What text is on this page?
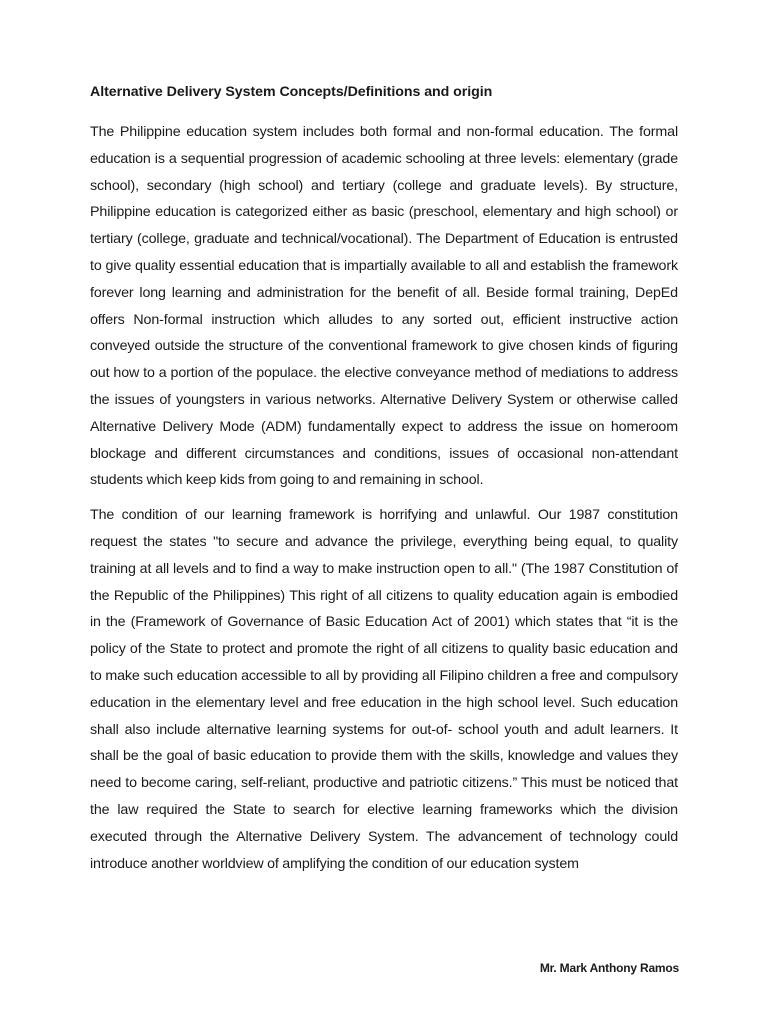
Alternative Delivery System Concepts/Definitions and origin

The Philippine education system includes both formal and non-formal education. The formal education is a sequential progression of academic schooling at three levels: elementary (grade school), secondary (high school) and tertiary (college and graduate levels). By structure, Philippine education is categorized either as basic (preschool, elementary and high school) or tertiary (college, graduate and technical/vocational). The Department of Education is entrusted to give quality essential education that is impartially available to all and establish the framework forever long learning and administration for the benefit of all. Beside formal training, DepEd offers Non-formal instruction which alludes to any sorted out, efficient instructive action conveyed outside the structure of the conventional framework to give chosen kinds of figuring out how to a portion of the populace. the elective conveyance method of mediations to address the issues of youngsters in various networks. Alternative Delivery System or otherwise called Alternative Delivery Mode (ADM) fundamentally expect to address the issue on homeroom blockage and different circumstances and conditions, issues of occasional non-attendant students which keep kids from going to and remaining in school.

The condition of our learning framework is horrifying and unlawful. Our 1987 constitution request the states "to secure and advance the privilege, everything being equal, to quality training at all levels and to find a way to make instruction open to all." (The 1987 Constitution of the Republic of the Philippines) This right of all citizens to quality education again is embodied in the (Framework of Governance of Basic Education Act of 2001) which states that “it is the policy of the State to protect and promote the right of all citizens to quality basic education and to make such education accessible to all by providing all Filipino children a free and compulsory education in the elementary level and free education in the high school level. Such education shall also include alternative learning systems for out-of- school youth and adult learners. It shall be the goal of basic education to provide them with the skills, knowledge and values they need to become caring, self-reliant, productive and patriotic citizens.” This must be noticed that the law required the State to search for elective learning frameworks which the division executed through the Alternative Delivery System. The advancement of technology could introduce another worldview of amplifying the condition of our education system

Mr. Mark Anthony Ramos
